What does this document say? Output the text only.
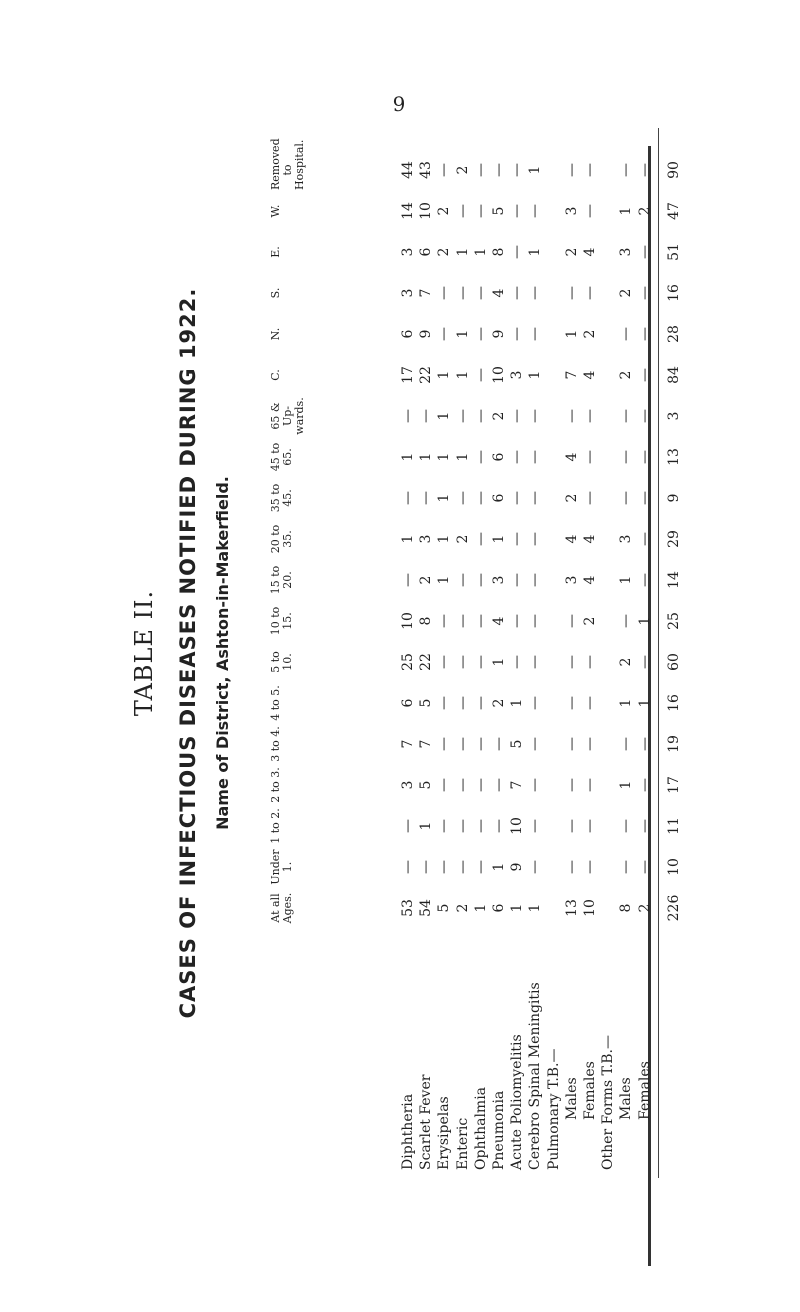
9
TABLE II. CASES OF INFECTIOUS DISEASES NOTIFIED DURING 1922. Name of District, Ashton-in-Makerfield.
At all Ages.
Under 1.
1 to 2.
2 to 3.
3 to 4.
4 to 5.
5 to 10.
10 to 15.
15 to 20.
20 to 35.
35 to 45.
45 to 65.
65 & Up-wards.
C.
N.
S.
E.
W.
Removed to Hospital.
Diphtheria
53
—
—
3
7
6
25
10
—
1
—
1
—
17
6
3
3
14
44
Scarlet Fever
54
—
1
5
7
5
22
8
2
3
—
1
—
22
9
7
6
10
43
Erysipelas
5
—
—
—
—
—
—
—
1
1
1
1
1
1
—
—
2
2
—
Enteric
2
—
—
—
—
—
—
—
—
2
—
1
—
1
1
—
1
—
2
Ophthalmia
1
—
—
—
—
—
—
—
—
—
—
—
—
—
—
—
1
—
—
Pneumonia
6
1
—
—
—
2
1
4
3
1
6
6
2
10
9
4
8
5
—
Acute Poliomyelitis
1
9
10
7
5
1
—
—
—
—
—
—
—
3
—
—
—
—
—
Cerebro Spinal Meningitis
1
—
—
—
—
—
—
—
—
—
—
—
—
1
—
—
1
—
1
Pulmonary T.B.— Males
13
—
—
—
—
—
—
—
3
4
2
4
—
7
1
—
2
3
—
Females
10
—
—
—
—
—
—
2
4
4
—
—
—
4
2
—
4
—
—
Other Forms T.B.— Males
8
—
—
1
—
1
2
—
1
3
—
—
—
2
—
2
3
1
—
Females
2
—
—
—
—
1
—
1
—
—
—
—
—
—
—
—
—
2
—
226
10
11
17
19
16
60
25
14
29
9
13
3
84
28
16
51
47
90
